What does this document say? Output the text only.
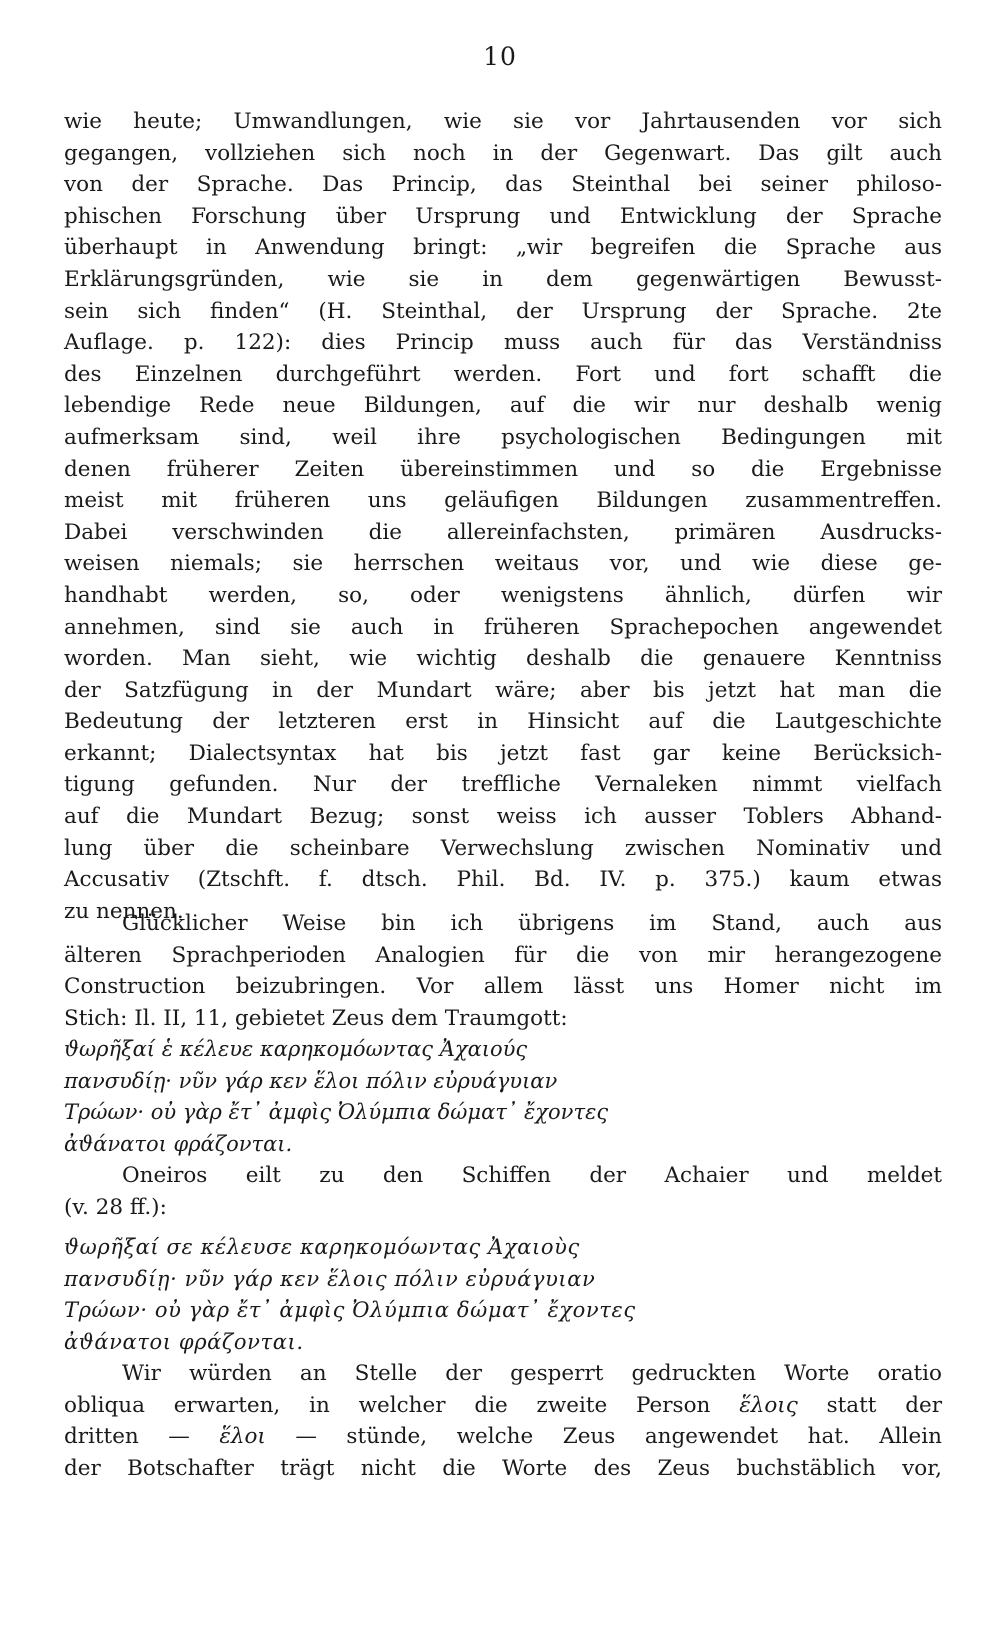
10
wie heute; Umwandlungen, wie sie vor Jahrtausenden vor sich
gegangen, vollziehen sich noch in der Gegenwart. Das gilt auch
von der Sprache. Das Princip, das Steinthal bei seiner philoso-
phischen Forschung über Ursprung und Entwicklung der Sprache
überhaupt in Anwendung bringt: „wir begreifen die Sprache aus
Erklärungsgründen, wie sie in dem gegenwärtigen Bewusst-
sein sich finden“ (H. Steinthal, der Ursprung der Sprache. 2te
Auflage. p. 122): dies Princip muss auch für das Verständniss
des Einzelnen durchgeführt werden. Fort und fort schafft die
lebendige Rede neue Bildungen, auf die wir nur deshalb wenig
aufmerksam sind, weil ihre psychologischen Bedingungen mit
denen früherer Zeiten übereinstimmen und so die Ergebnisse
meist mit früheren uns geläufigen Bildungen zusammentreffen.
Dabei verschwinden die allereinfachsten, primären Ausdrucks-
weisen niemals; sie herrschen weitaus vor, und wie diese ge-
handhabt werden, so, oder wenigstens ähnlich, dürfen wir
annehmen, sind sie auch in früheren Sprachepochen angewendet
worden. Man sieht, wie wichtig deshalb die genauere Kenntniss
der Satzfügung in der Mundart wäre; aber bis jetzt hat man die
Bedeutung der letzteren erst in Hinsicht auf die Lautgeschichte
erkannt; Dialectsyntax hat bis jetzt fast gar keine Berücksich-
tigung gefunden. Nur der treffliche Vernaleken nimmt vielfach
auf die Mundart Bezug; sonst weiss ich ausser Toblers Abhand-
lung über die scheinbare Verwechslung zwischen Nominativ und
Accusativ (Ztschft. f. dtsch. Phil. Bd. IV. p. 375.) kaum etwas
zu nennen.
Glücklicher Weise bin ich übrigens im Stand, auch aus
älteren Sprachperioden Analogien für die von mir herangezogene
Construction beizubringen. Vor allem lässt uns Homer nicht im
Stich: Il. II, 11, gebietet Zeus dem Traumgott:
ϑωρῆξαί ἑ κέλευε καρηκομόωντας Ἀχαιούς
πανσυδίῃ· νῦν γάρ κεν ἕλοι πόλιν εὐρυάγυιαν
Τρώων· οὐ γὰρ ἔτ᾽ ἀμφὶς Ὀλύμπια δώματ᾽ ἔχοντες
ἀϑάνατοι φράζονται.
Oneiros eilt zu den Schiffen der Achaier und meldet
(v. 28 ff.):
ϑωρῆξαί σε κέλευσε καρηκομόωντας Ἀχαιοὺς
πανσυδίῃ· νῦν γάρ κεν ἕλοις πόλιν εὐρυάγυιαν
Τρώων· οὐ γὰρ ἔτ᾽ ἀμφὶς Ὀλύμπια δώματ᾽ ἔχοντες
ἀϑάνατοι φράζονται.
Wir würden an Stelle der gesperrt gedruckten Worte oratio
obliqua erwarten, in welcher die zweite Person ἕλοις statt der
dritten — ἕλοι — stünde, welche Zeus angewendet hat. Allein
der Botschafter trägt nicht die Worte des Zeus buchstäblich vor,
